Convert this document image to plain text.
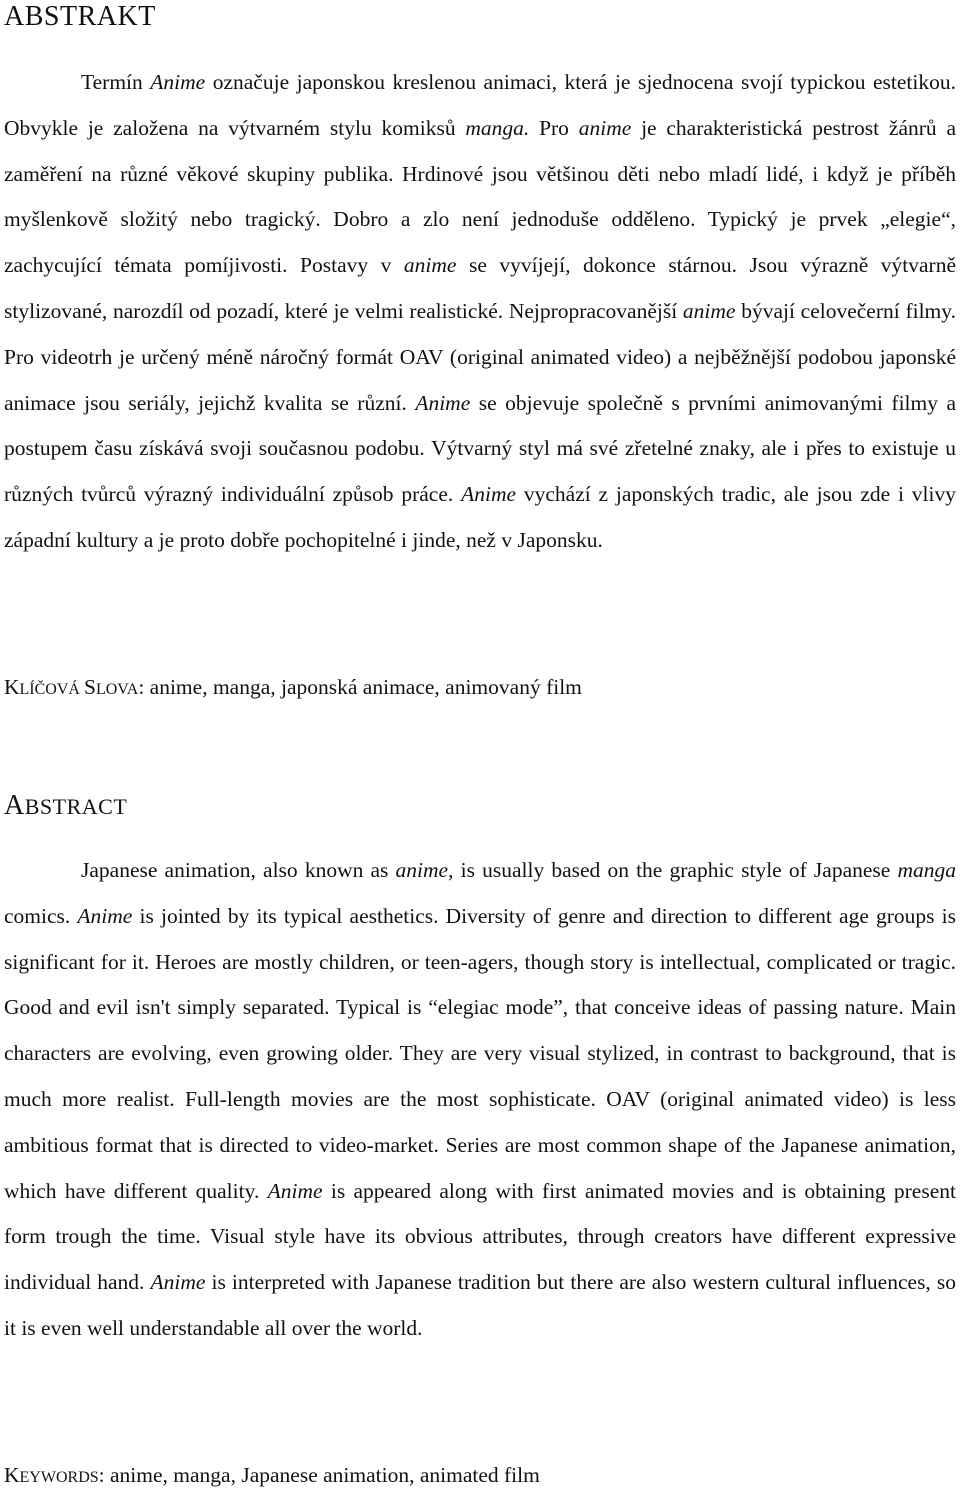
ABSTRAKT

Termín Anime označuje japonskou kreslenou animaci, která je sjednocena svojí typickou estetikou. Obvykle je založena na výtvarném stylu komiksů manga. Pro anime je charakteristická pestrost žánrů a zaměření na různé věkové skupiny publika. Hrdinové jsou většinou děti nebo mladí lidé, i když je příběh myšlenkově složitý nebo tragický. Dobro a zlo není jednoduše odděleno. Typický je prvek „elegie“, zachycující témata pomíjivosti. Postavy v anime se vyvíjejí, dokonce stárnou. Jsou výrazně výtvarně stylizované, narozdíl od pozadí, které je velmi realistické. Nejpropracovanější anime bývají celovečerní filmy. Pro videotrh je určený méně náročný formát OAV (original animated video) a nejběžnější podobou japonské animace jsou seriály, jejichž kvalita se různí. Anime se objevuje společně s prvními animovanými filmy a postupem času získává svoji současnou podobu. Výtvarný styl má své zřetelné znaky, ale i přes to existuje u různých tvůrců výrazný individuální způsob práce. Anime vychází z japonských tradic, ale jsou zde i vlivy západní kultury a je proto dobře pochopitelné i jinde, než v Japonsku.

KLÍČOVÁ SLOVA: anime, manga, japonská animace, animovaný film

ABSTRACT

Japanese animation, also known as anime, is usually based on the graphic style of Japanese manga comics. Anime is jointed by its typical aesthetics. Diversity of genre and direction to different age groups is significant for it. Heroes are mostly children, or teen-agers, though story is intellectual, complicated or tragic. Good and evil isn't simply separated. Typical is “elegiac mode”, that conceive ideas of passing nature. Main characters are evolving, even growing older. They are very visual stylized, in contrast to background, that is much more realist. Full-length movies are the most sophisticate. OAV (original animated video) is less ambitious format that is directed to video-market. Series are most common shape of the Japanese animation, which have different quality. Anime is appeared along with first animated movies and is obtaining present form trough the time. Visual style have its obvious attributes, through creators have different expressive individual hand. Anime is interpreted with Japanese tradition but there are also western cultural influences, so it is even well understandable all over the world.

KEYWORDS: anime, manga, Japanese animation, animated film
